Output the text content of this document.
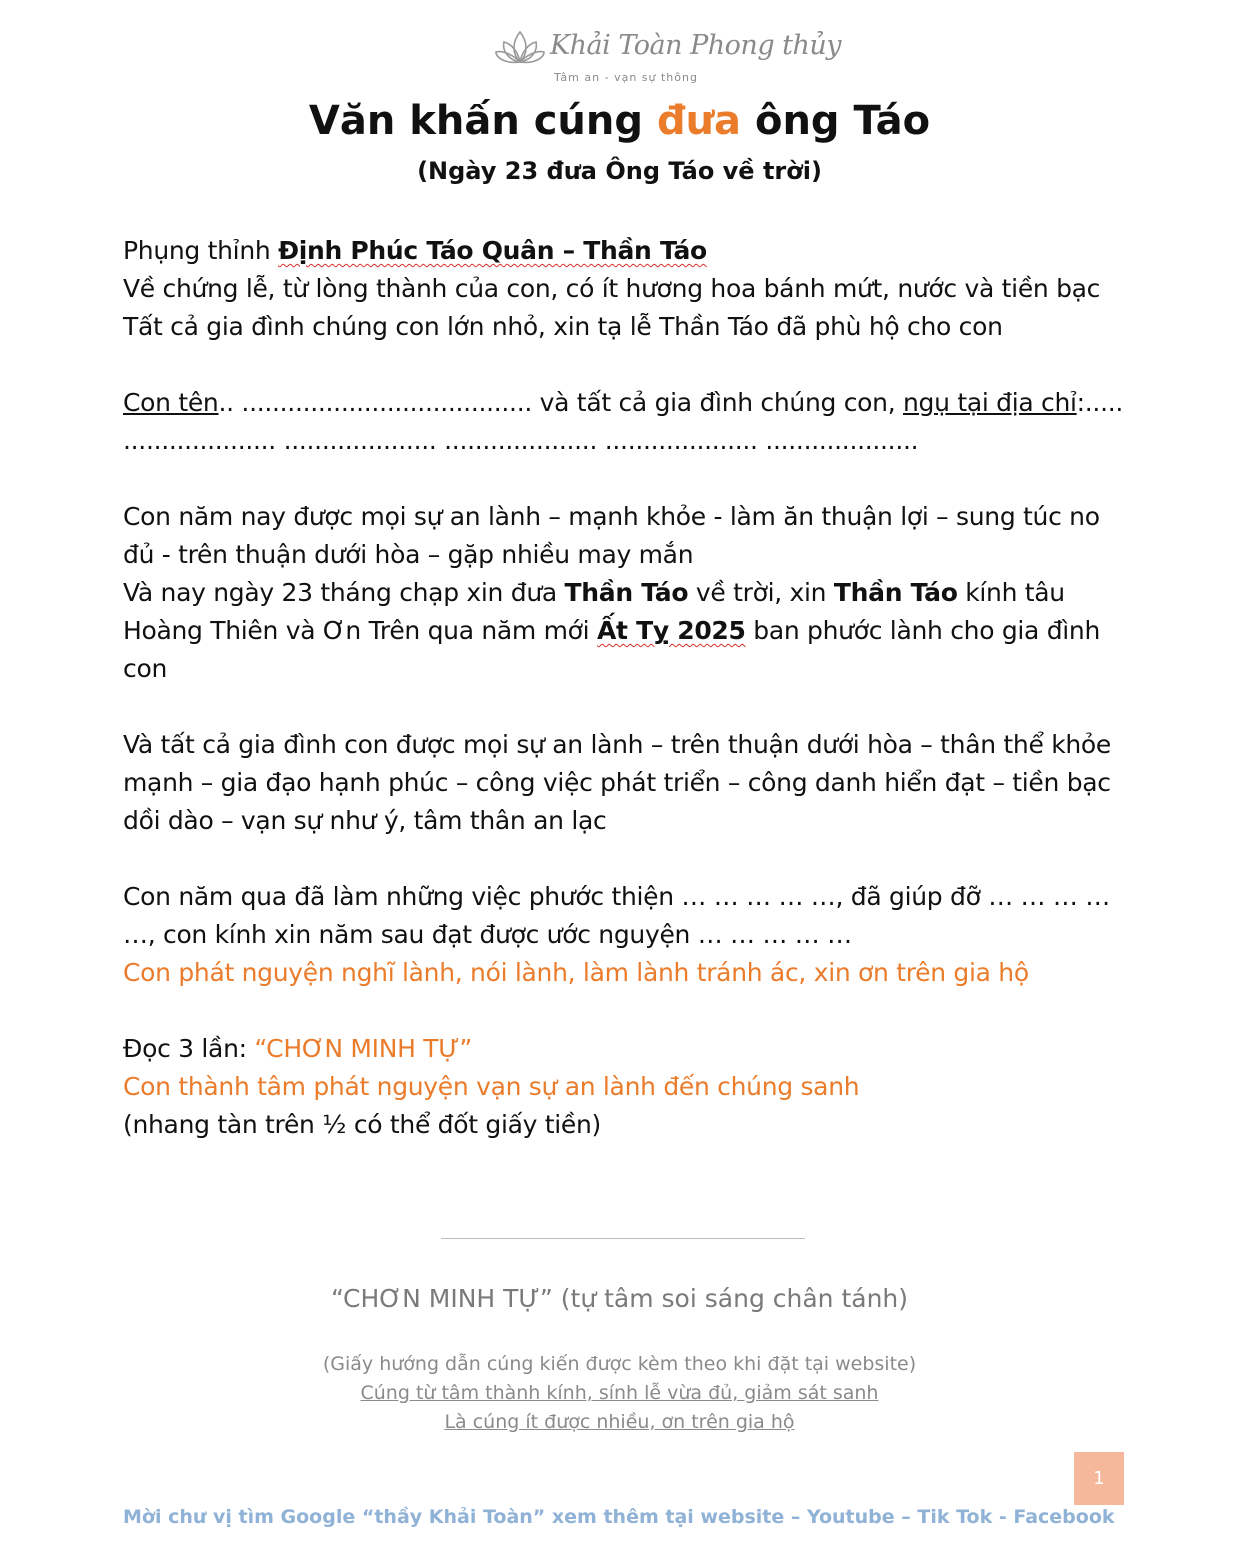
Khải Toàn Phong thủy
Tâm an - vạn sự thông
Văn khấn cúng đưa ông Táo
(Ngày 23 đưa Ông Táo về trời)

Phụng thỉnh Định Phúc Táo Quân – Thần Táo

Về chứng lễ, từ lòng thành của con, có ít hương hoa bánh mứt, nước và tiền bạc

Tất cả gia đình chúng con lớn nhỏ, xin tạ lễ Thần Táo đã phù hộ cho con

Con tên.. ...................................... và tất cả gia đình chúng con, ngụ tại địa chỉ:..... .................... .................... .................... .................... ....................

Con năm nay được mọi sự an lành – mạnh khỏe - làm ăn thuận lợi – sung túc no đủ - trên thuận dưới hòa – gặp nhiều may mắn

Và nay ngày 23 tháng chạp xin đưa Thần Táo về trời, xin Thần Táo kính tâu Hoàng Thiên và Ơn Trên qua năm mới Ất Tỵ 2025 ban phước lành cho gia đình con

Và tất cả gia đình con được mọi sự an lành – trên thuận dưới hòa – thân thể khỏe mạnh – gia đạo hạnh phúc – công việc phát triển – công danh hiển đạt – tiền bạc dồi dào – vạn sự như ý, tâm thân an lạc

Con năm qua đã làm những việc phước thiện … … … … …, đã giúp đỡ … … … … …, con kính xin năm sau đạt được ước nguyện … … … … …

Con phát nguyện nghĩ lành, nói lành, làm lành tránh ác, xin ơn trên gia hộ

Đọc 3 lần: “CHƠN MINH TỰ”

Con thành tâm phát nguyện vạn sự an lành đến chúng sanh

(nhang tàn trên ½ có thể đốt giấy tiền)

“CHƠN MINH TỰ” (tự tâm soi sáng chân tánh)
(Giấy hướng dẫn cúng kiến được kèm theo khi đặt tại website)
Cúng từ tâm thành kính, sính lễ vừa đủ, giảm sát sanh
Là cúng ít được nhiều, ơn trên gia hộ
1
Mời chư vị tìm Google “thầy Khải Toàn” xem thêm tại website – Youtube – Tik Tok - Facebook
